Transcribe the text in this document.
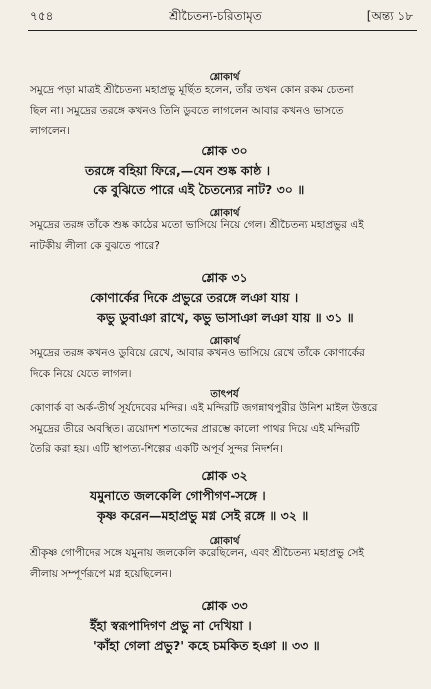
৭৫৪	শ্রীচৈতন্য-চরিতামৃত	[অন্ত্য ১৮
শ্লোকার্থ
সমুদ্রে পড়া মাত্রই শ্রীচৈতন্য মহাপ্রভু মূর্ছিত হলেন, তাঁর তখন কোন রকম চেতনা
ছিল না। সমুদ্রের তরঙ্গে কখনও তিনি ডুবতে লাগলেন আবার কখনও ভাসতে
লাগলেন।
শ্লোক ৩০
তরঙ্গে বহিয়া ফিরে,—যেন শুষ্ক কাষ্ঠ ।
কে বুঝিতে পারে এই চৈতন্যের নাট? ৩০ ॥
শ্লোকার্থ
সমুদ্রের তরঙ্গ তাঁকে শুষ্ক কাঠের মতো ভাসিয়ে নিয়ে গেল। শ্রীচৈতন্য মহাপ্রভুর এই
নাটকীয় লীলা কে বুঝতে পারে?
শ্লোক ৩১
কোণার্কের দিকে প্রভুরে তরঙ্গে লঞা যায় ।
কভু ডুবাঞা রাখে, কভু ভাসাঞা লঞা যায় ॥ ৩১ ॥
শ্লোকার্থ
সমুদ্রের তরঙ্গ কখনও ডুবিয়ে রেখে, আবার কখনও ভাসিয়ে রেখে তাঁকে কোণার্কের
দিকে নিয়ে যেতে লাগল।
তাৎপর্য
কোণার্ক বা অর্ক-তীর্থ সূর্যদেবের মন্দির। এই মন্দিরটি জগন্নাথপুরীর উনিশ মাইল উত্তরে
সমুদ্রের তীরে অবস্থিত। ত্রয়োদশ শতাব্দের প্রারম্ভে কালো পাথর দিয়ে এই মন্দিরটি
তৈরি করা হয়। এটি স্থাপত্য-শিল্পের একটি অপূর্ব সুন্দর নিদর্শন।
শ্লোক ৩২
যমুনাতে জলকেলি গোপীগণ-সঙ্গে ।
কৃষ্ণ করেন—মহাপ্রভু মগ্ন সেই রঙ্গে ॥ ৩২ ॥
শ্লোকার্থ
শ্রীকৃষ্ণ গোপীদের সঙ্গে যমুনায় জলকেলি করেছিলেন, এবং শ্রীচৈতন্য মহাপ্রভু সেই
লীলায় সম্পূর্ণরূপে মগ্ন হয়েছিলেন।
শ্লোক ৩৩
ইঁহা স্বরূপাদিগণ প্রভু না দেখিয়া ।
'কাঁহা গেলা প্রভু?' কহে চমকিত হঞা ॥ ৩৩ ॥
